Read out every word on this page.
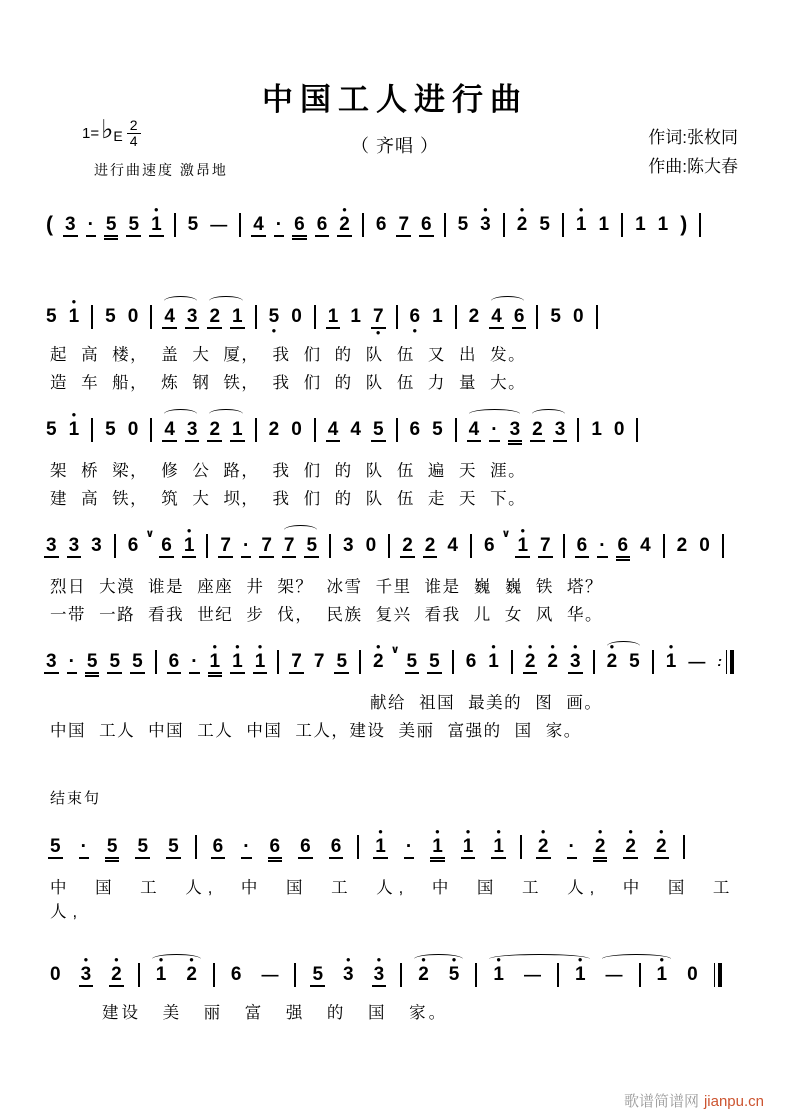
中国工人进行曲
（ 齐唱 ）
1= ♭ E $\frac{2}{4}$
进行曲速度 激昂地
作词:张枚同
作曲:陈大春
( 3 · 5 5
●
1 5 — 4 · 6 6
●
2 6 7 6 5
●
3
●
2 5
●
1 1 1 1 )
5
●
1 5 0 4 3 2 1 5
●
0 1 1 7
●
6
●
1 2 4 6 5 0
起 高 楼， 盖 大 厦， 我 们 的 队 伍 又 出 发。
造 车 船， 炼 钢 铁， 我 们 的 队 伍 力 量 大。
5
●
1 5 0 4 3 2 1 2 0 4 4 5 6 5 4 · 3 2 3 1 0
架 桥 梁， 修 公 路， 我 们 的 队 伍 遍 天 涯。
建 高 铁， 筑 大 坝， 我 们 的 队 伍 走 天 下。
3 3 3 6
∨
6
●
1 7 · 7 7 5 3 0 2 2 4 6
∨ ●
1 7 6 · 6 4 2 0
烈日 大漠 谁是 座座 井 架？ 冰雪 千里 谁是 巍 巍 铁 塔？
一带 一路 看我 世纪 步 伐， 民族 复兴 看我 儿 女 风 华。
3 · 5 5 5 6 ·
●
1
●
1
●
1 7 7 5
●
2
∨
5 5 6
●
1
●
2
●
2
●
3
●
2 5
●
1 — :
献给 祖国 最美的 图 画。
中国 工人 中国 工人 中国 工人，建设 美丽 富强的 国 家。
结束句
5 · 5 5 5 6 · 6 6 6
●
1 ·
●
1
●
1
●
1
●
2 ·
●
2
●
2
●
2
中 国 工 人, 中 国 工 人, 中 国 工 人, 中 国 工 人,
0
●
3
●
2
●
1
●
2 6 — 5
●
3
●
3
●
2
●
5
●
1 —
●
1 —
●
1 0
建设 美 丽 富 强 的 国 家。
歌谱简谱网 jianpu.cn
